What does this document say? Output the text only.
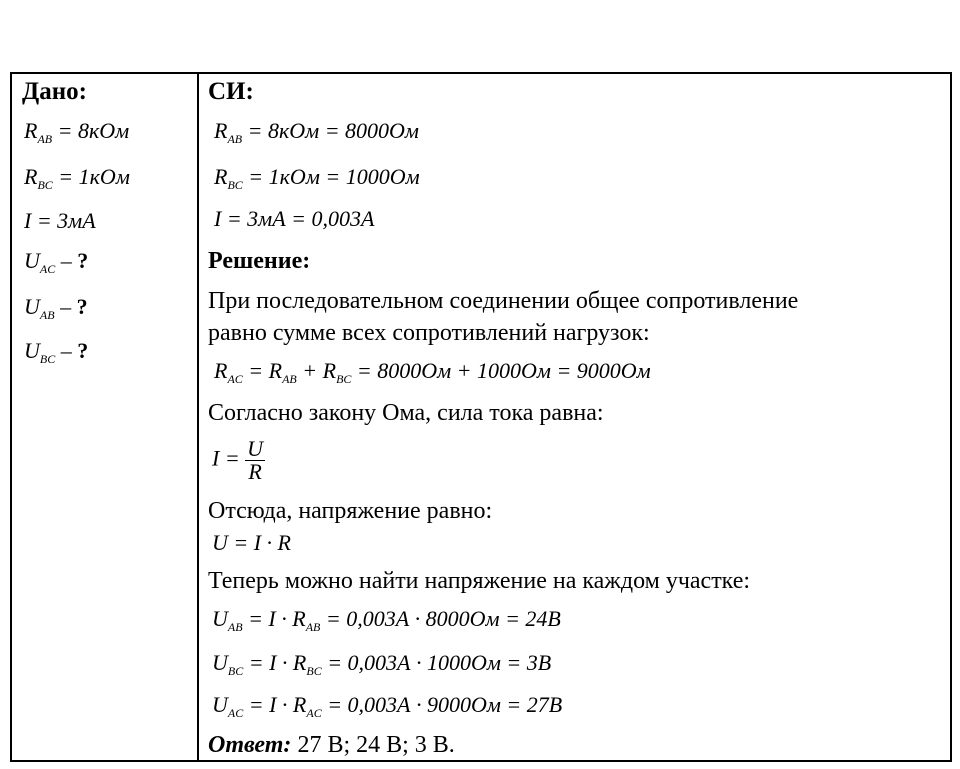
Дано:
$R_{AB} = 8кОм$
$R_{BC} = 1кОм$
I = 3мА
$U_{AC}$ – ?
$U_{AB}$ – ?
$U_{BC}$ – ?
СИ:
$R_{AB} = 8кОм = 8000Ом$
$R_{BC} = 1кОм = 1000Ом$
I = 3мА = 0,003А
Решение:
При последовательном соединении общее сопротивление
равно сумме всех сопротивлений нагрузок:
$R_{AC} = R_{AB} + R_{BC} = 8000Ом + 1000Ом = 9000Ом$
Согласно закону Ома, сила тока равна:
$I = \frac{U}{R}$
Отсюда, напряжение равно:
U = I · R
Теперь можно найти напряжение на каждом участке:
$U_{AB} = I \cdot R_{AB} = 0,003А \cdot 8000Ом = 24В$
$U_{BC} = I \cdot R_{BC} = 0,003А \cdot 1000Ом = 3В$
$U_{AC} = I \cdot R_{AC} = 0,003А \cdot 9000Ом = 27В$
Ответ: 27 В; 24 В; 3 В.
